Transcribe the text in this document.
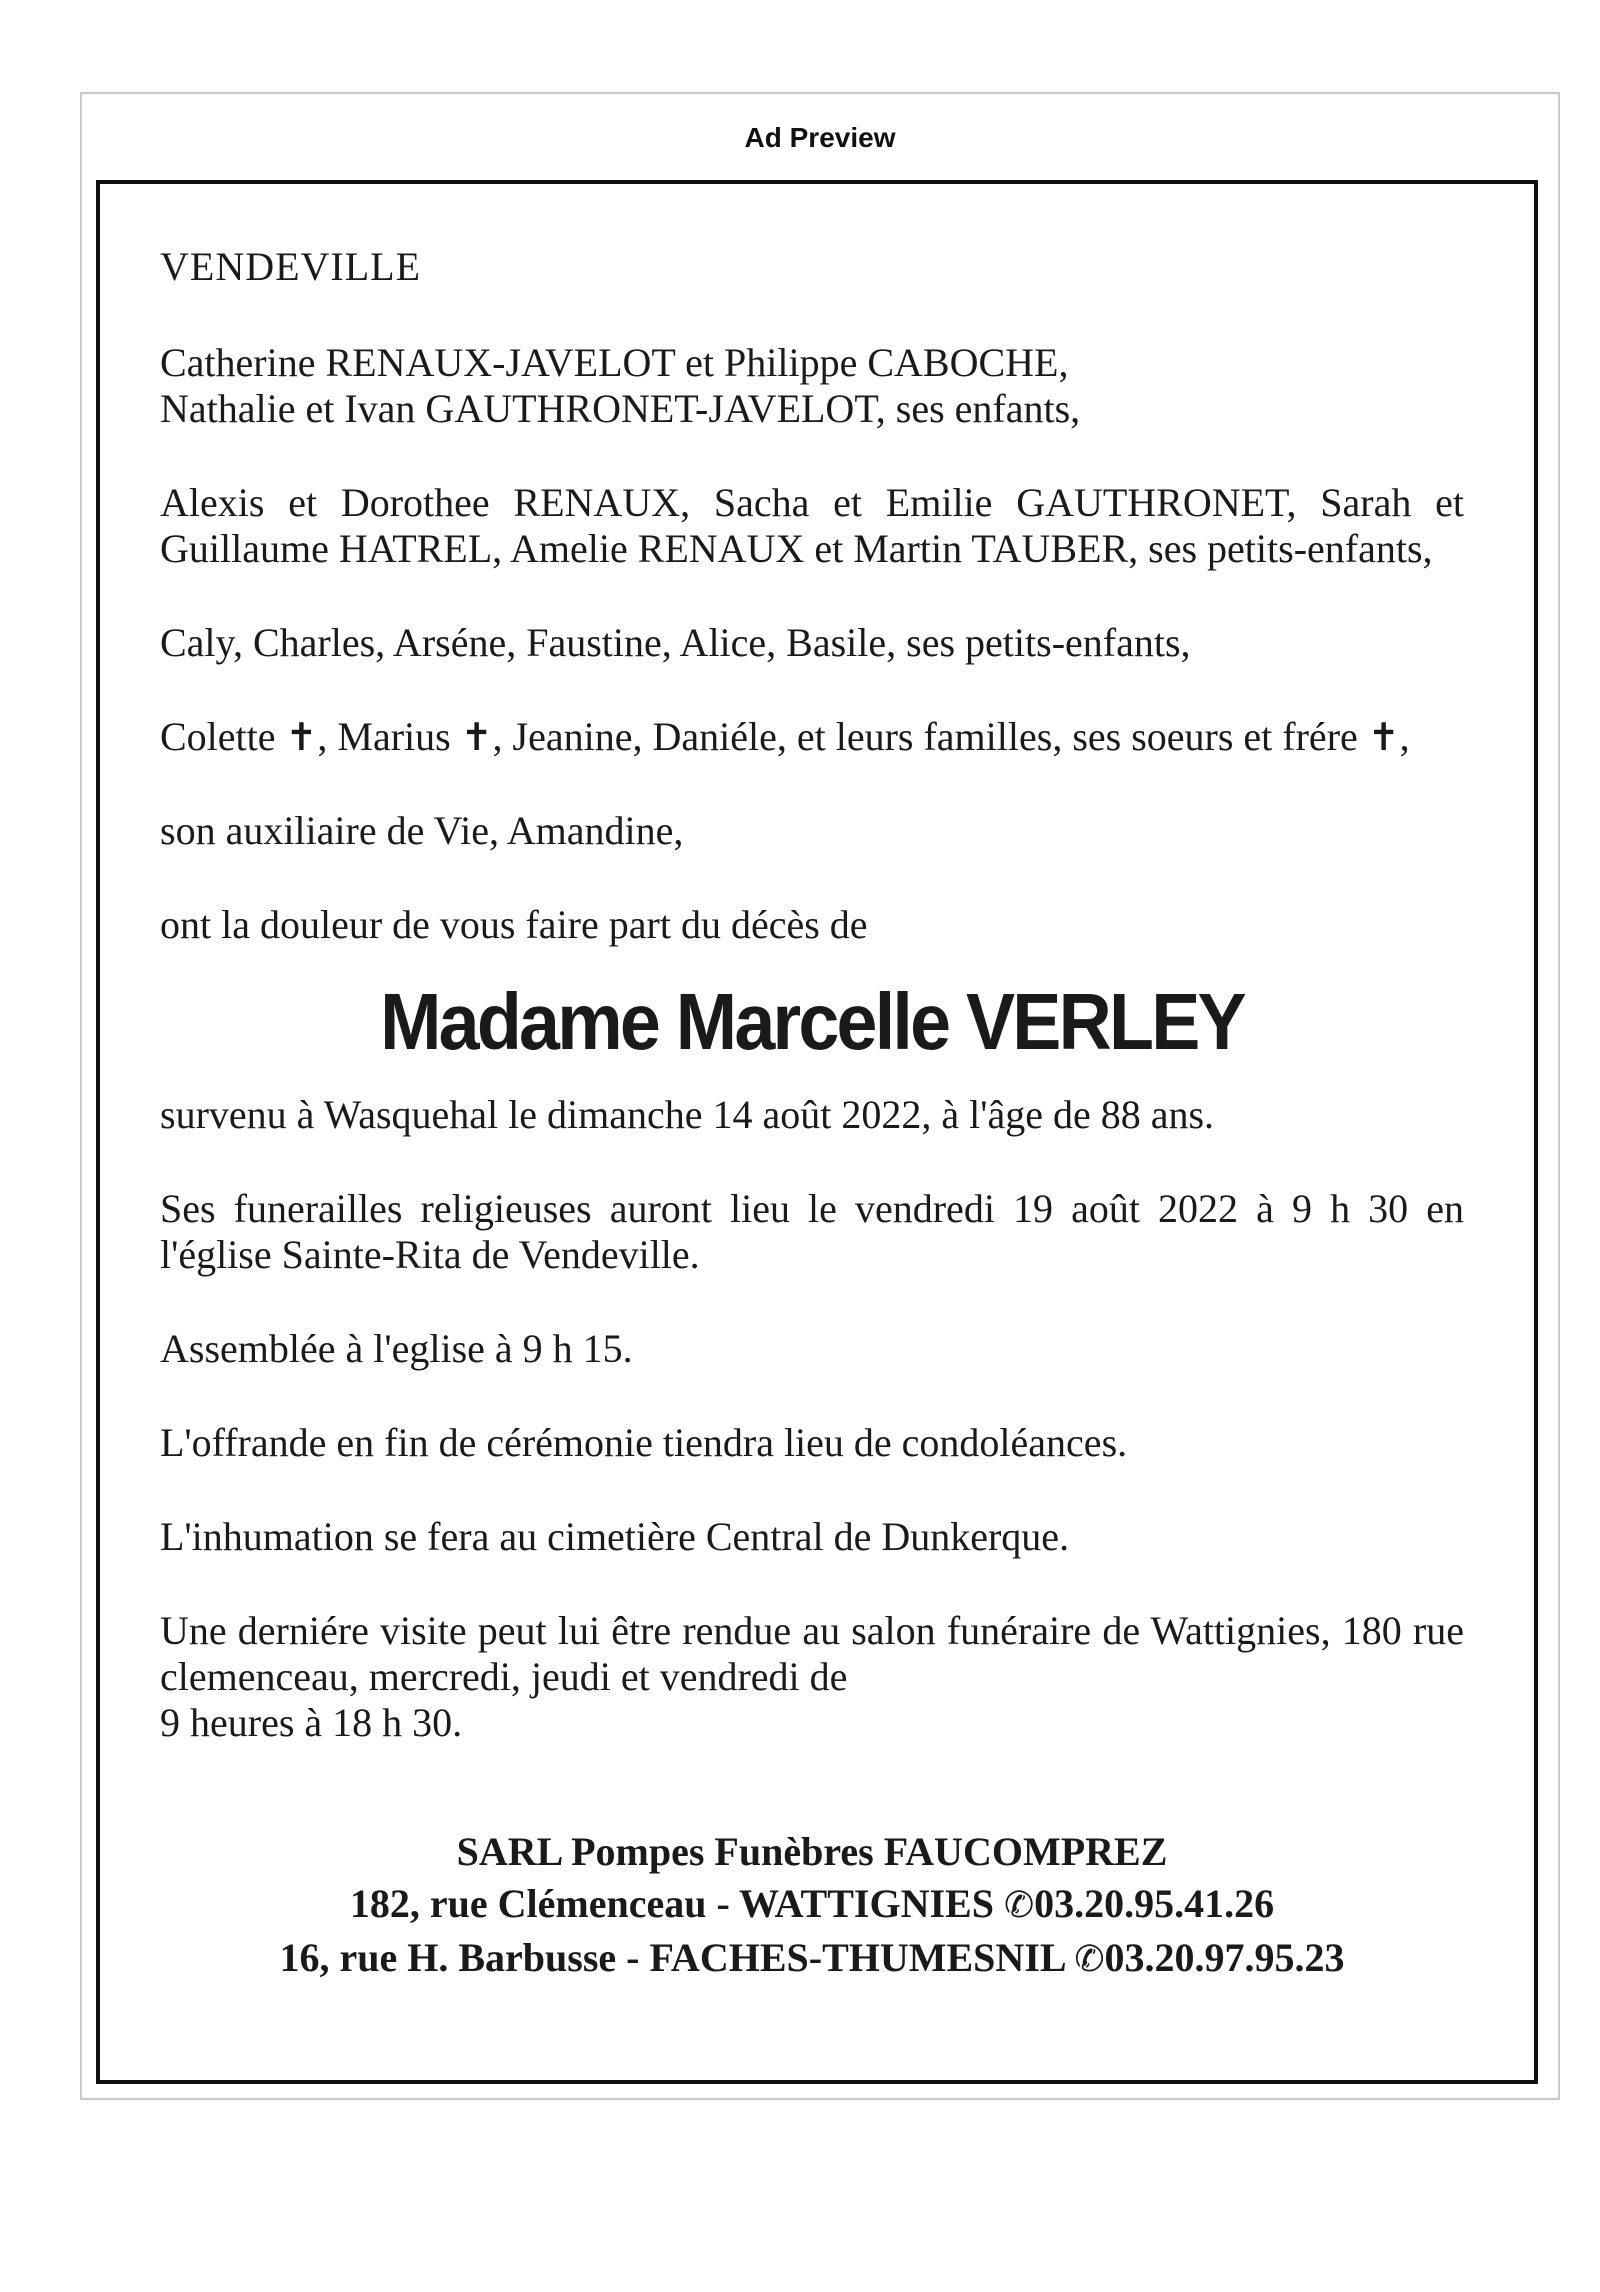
Ad Preview
VENDEVILLE
Catherine RENAUX-JAVELOT et Philippe CABOCHE,
Nathalie et Ivan GAUTHRONET-JAVELOT, ses enfants,
Alexis et Dorothee RENAUX, Sacha et Emilie GAUTHRONET, Sarah et Guillaume HATREL, Amelie RENAUX et Martin TAUBER, ses petits-enfants,
Caly, Charles, Arséne, Faustine, Alice, Basile, ses petits-enfants,
Colette ✝, Marius ✝, Jeanine, Daniéle, et leurs familles, ses soeurs et frére ✝,
son auxiliaire de Vie, Amandine,
ont la douleur de vous faire part du décès de
Madame Marcelle VERLEY
survenu à Wasquehal le dimanche 14 août 2022, à l'âge de 88 ans.
Ses funerailles religieuses auront lieu le vendredi 19 août 2022 à 9 h 30 en l'église Sainte-Rita de Vendeville.
Assemblée à l'eglise à 9 h 15.
L'offrande en fin de cérémonie tiendra lieu de condoléances.
L'inhumation se fera au cimetière Central de Dunkerque.
Une derniére visite peut lui être rendue au salon funéraire de Wattignies, 180 rue clemenceau, mercredi, jeudi et vendredi de
9 heures à 18 h 30.
SARL Pompes Funèbres FAUCOMPREZ
182, rue Clémenceau - WATTIGNIES ✆03.20.95.41.26
16, rue H. Barbusse - FACHES-THUMESNIL ✆03.20.97.95.23
